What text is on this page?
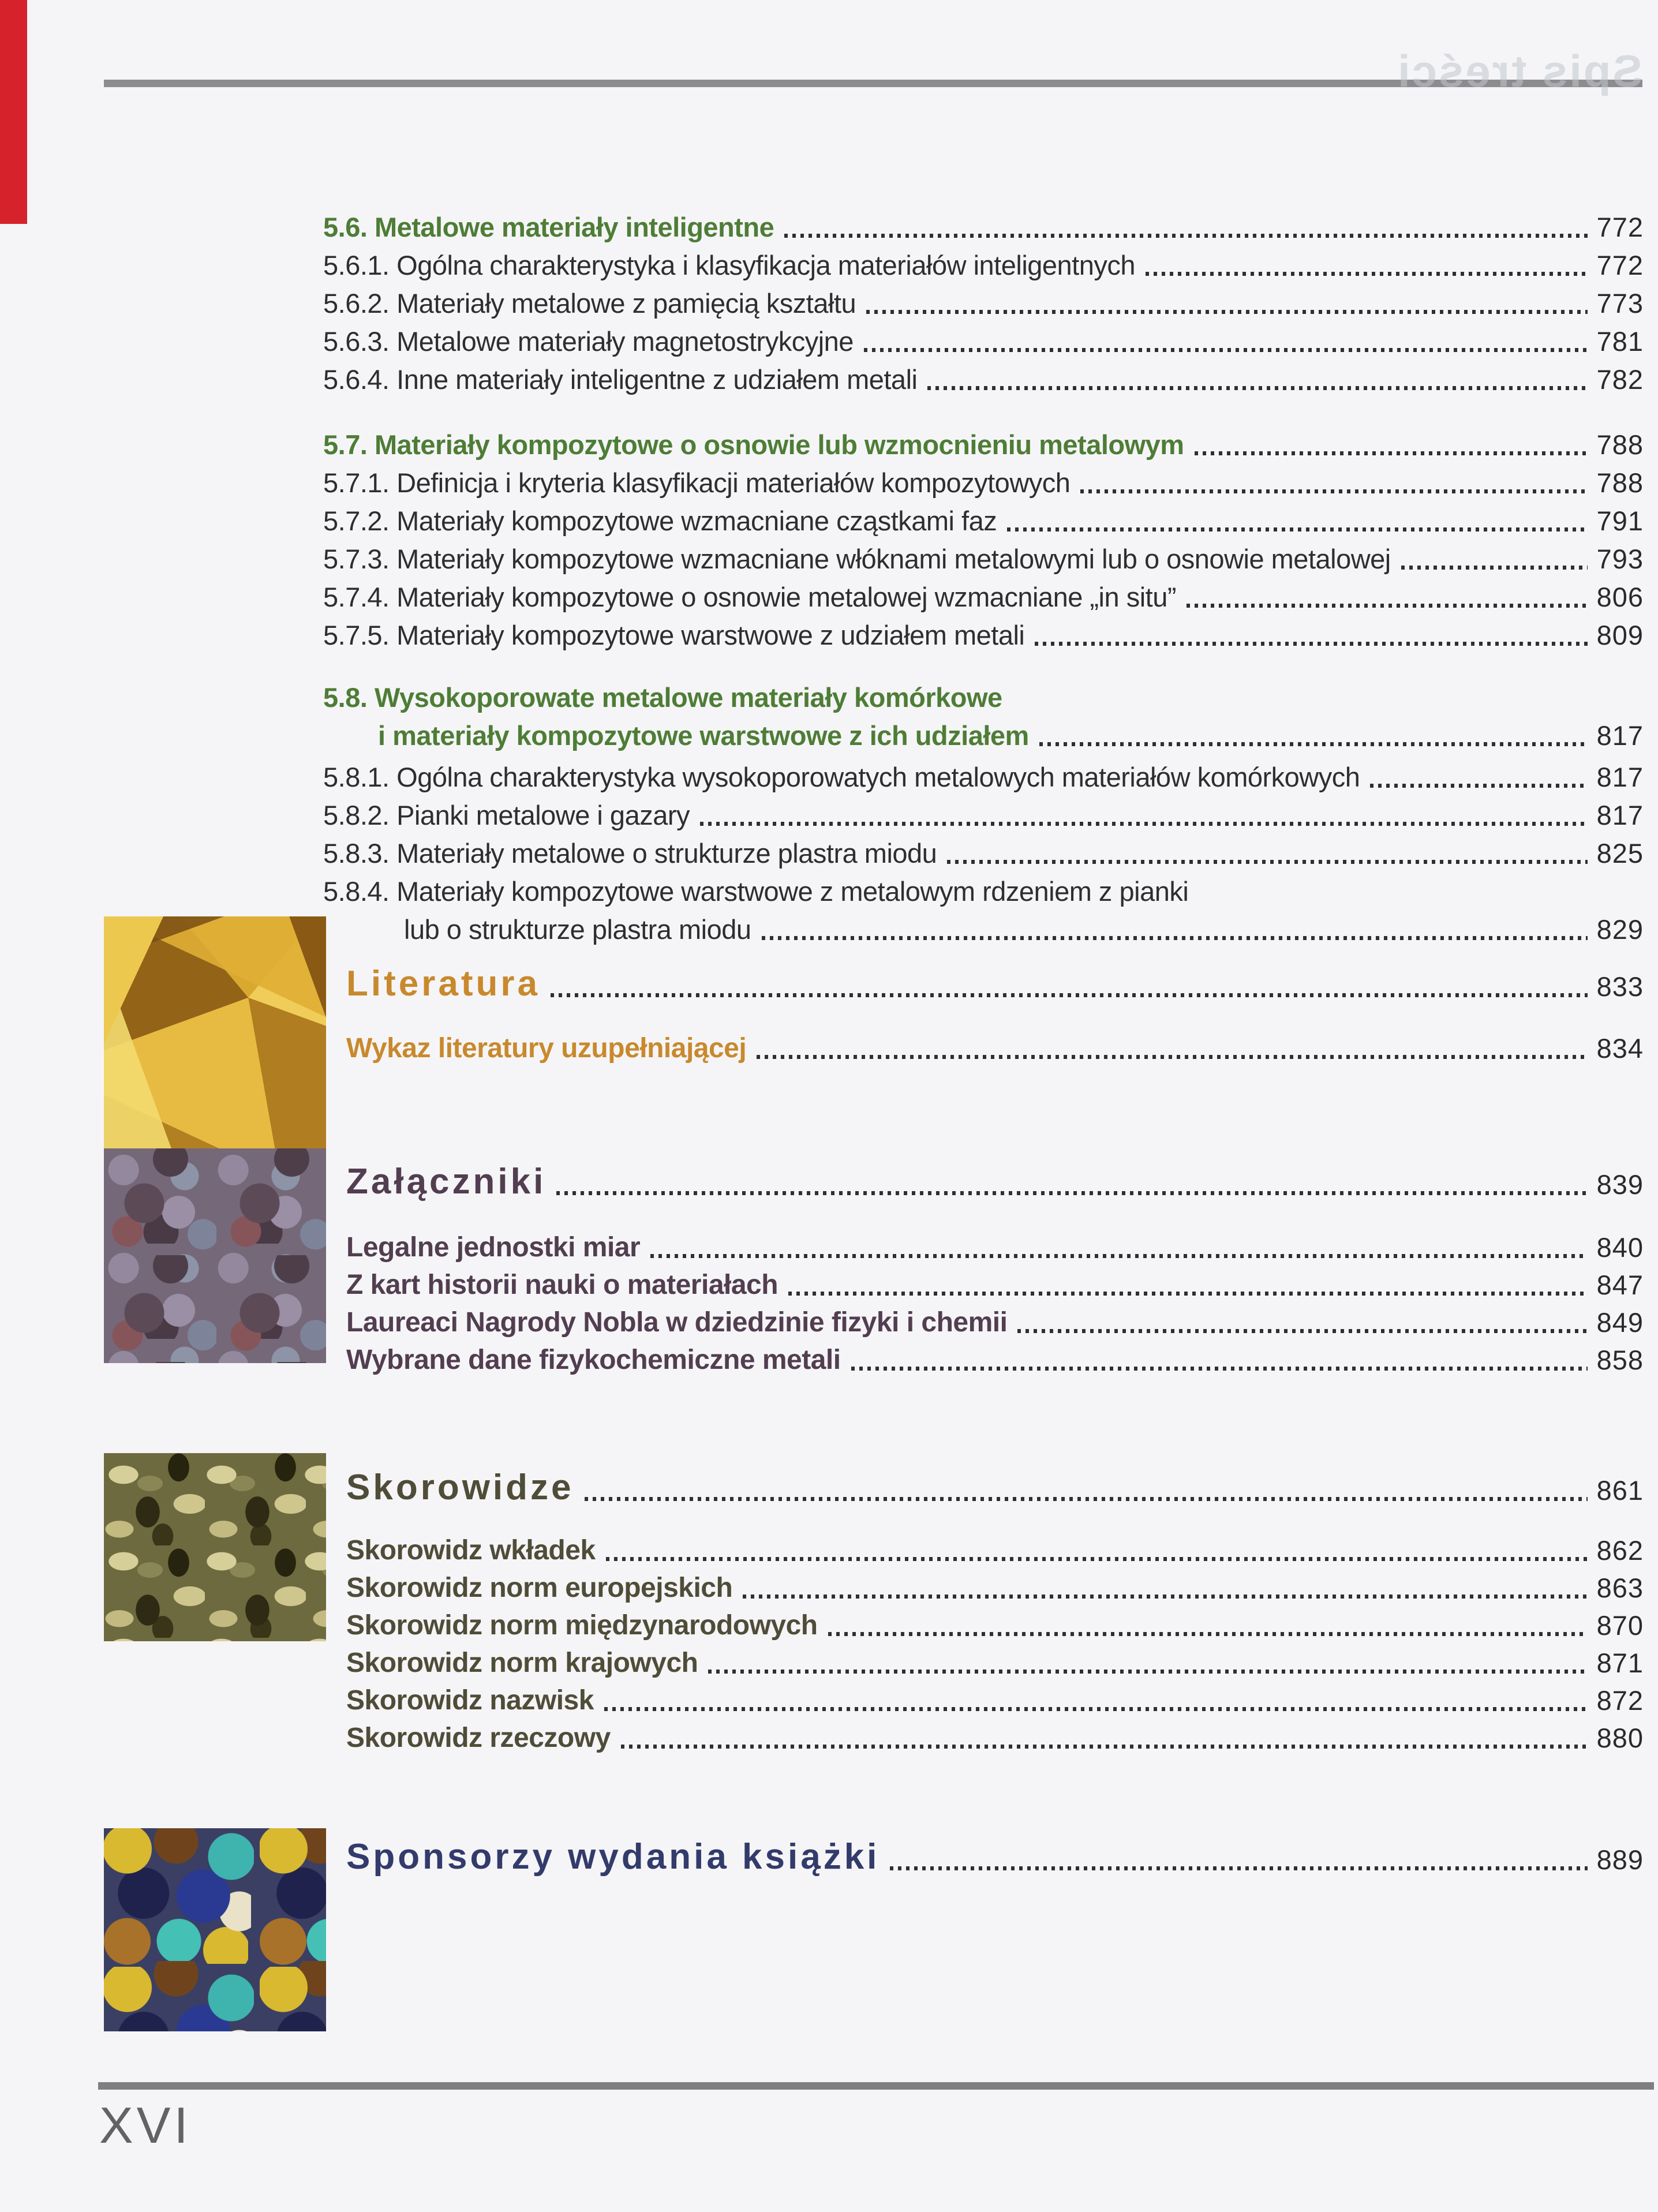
Spis treści
5.6. Metalowe materiały inteligentne	772
5.6.1. Ogólna charakterystyka i klasyfikacja materiałów inteligentnych	772
5.6.2. Materiały metalowe z pamięcią kształtu	773
5.6.3. Metalowe materiały magnetostrykcyjne	781
5.6.4. Inne materiały inteligentne z udziałem metali	782
5.7. Materiały kompozytowe o osnowie lub wzmocnieniu metalowym	788
5.7.1. Definicja i kryteria klasyfikacji materiałów kompozytowych	788
5.7.2. Materiały kompozytowe wzmacniane cząstkami faz	791
5.7.3. Materiały kompozytowe wzmacniane włóknami metalowymi lub o osnowie metalowej	793
5.7.4. Materiały kompozytowe o osnowie metalowej wzmacniane „in situ”	806
5.7.5. Materiały kompozytowe warstwowe z udziałem metali	809
5.8. Wysokoporowate metalowe materiały komórkowe
i materiały kompozytowe warstwowe z ich udziałem	817
5.8.1. Ogólna charakterystyka wysokoporowatych metalowych materiałów komórkowych	817
5.8.2. Pianki metalowe i gazary	817
5.8.3. Materiały metalowe o strukturze plastra miodu	825
5.8.4. Materiały kompozytowe warstwowe z metalowym rdzeniem z pianki
lub o strukturze plastra miodu	829
Literatura	833
Wykaz literatury uzupełniającej	834
Załączniki	839
Legalne jednostki miar	840
Z kart historii nauki o materiałach	847
Laureaci Nagrody Nobla w dziedzinie fizyki i chemii	849
Wybrane dane fizykochemiczne metali	858
Skorowidze	861
Skorowidz wkładek	862
Skorowidz norm europejskich	863
Skorowidz norm międzynarodowych	870
Skorowidz norm krajowych	871
Skorowidz nazwisk	872
Skorowidz rzeczowy	880
Sponsorzy wydania książki	889
XVI
